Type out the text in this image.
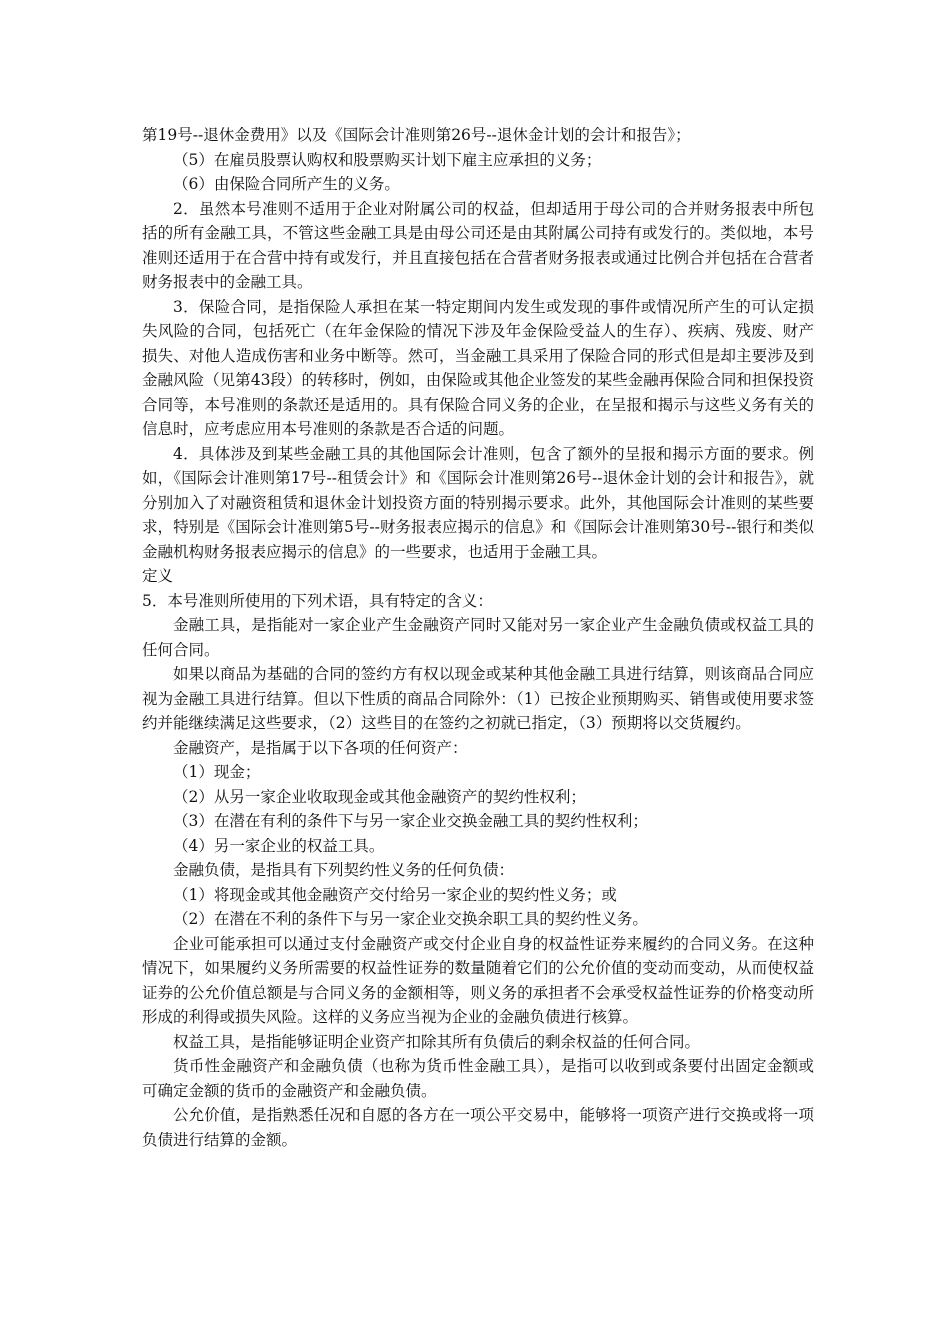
第19号--退休金费用》以及《国际会计准则第26号--退休金计划的会计和报告》；

（5）在雇员股票认购权和股票购买计划下雇主应承担的义务；

（6）由保险合同所产生的义务。

2．虽然本号准则不适用于企业对附属公司的权益，但却适用于母公司的合并财务报表中所包括的所有金融工具，不管这些金融工具是由母公司还是由其附属公司持有或发行的。类似地，本号准则还适用于在合营中持有或发行，并且直接包括在合营者财务报表或通过比例合并包括在合营者财务报表中的金融工具。

3．保险合同，是指保险人承担在某一特定期间内发生或发现的事件或情况所产生的可认定损失风险的合同，包括死亡（在年金保险的情况下涉及年金保险受益人的生存）、疾病、残废、财产损失、对他人造成伤害和业务中断等。然可，当金融工具采用了保险合同的形式但是却主要涉及到金融风险（见第43段）的转移时，例如，由保险或其他企业签发的某些金融再保险合同和担保投资合同等，本号准则的条款还是适用的。具有保险合同义务的企业，在呈报和揭示与这些义务有关的信息时，应考虑应用本号准则的条款是否合适的问题。

4．具体涉及到某些金融工具的其他国际会计准则，包含了额外的呈报和揭示方面的要求。例如，《国际会计准则第17号--租赁会计》和《国际会计准则第26号--退休金计划的会计和报告》，就分别加入了对融资租赁和退休金计划投资方面的特别揭示要求。此外，其他国际会计准则的某些要求，特别是《国际会计准则第5号--财务报表应揭示的信息》和《国际会计准则第30号--银行和类似金融机构财务报表应揭示的信息》的一些要求，也适用于金融工具。

定义

5．本号准则所使用的下列术语，具有特定的含义：

金融工具，是指能对一家企业产生金融资产同时又能对另一家企业产生金融负债或权益工具的任何合同。

如果以商品为基础的合同的签约方有权以现金或某种其他金融工具进行结算，则该商品合同应视为金融工具进行结算。但以下性质的商品合同除外：（1）已按企业预期购买、销售或使用要求签约并能继续满足这些要求，（2）这些目的在签约之初就已指定，（3）预期将以交货履约。

金融资产，是指属于以下各项的任何资产：

（1）现金；

（2）从另一家企业收取现金或其他金融资产的契约性权利；

（3）在潜在有利的条件下与另一家企业交换金融工具的契约性权利；

（4）另一家企业的权益工具。

金融负债，是指具有下列契约性义务的任何负债：

（1）将现金或其他金融资产交付给另一家企业的契约性义务；或

（2）在潜在不利的条件下与另一家企业交换余职工具的契约性义务。

企业可能承担可以通过支付金融资产或交付企业自身的权益性证券来履约的合同义务。在这种情况下，如果履约义务所需要的权益性证券的数量随着它们的公允价值的变动而变动，从而使权益证券的公允价值总额是与合同义务的金额相等，则义务的承担者不会承受权益性证券的价格变动所形成的利得或损失风险。这样的义务应当视为企业的金融负债进行核算。

权益工具，是指能够证明企业资产扣除其所有负债后的剩余权益的任何合同。

货币性金融资产和金融负债（也称为货币性金融工具），是指可以收到或条要付出固定金额或可确定金额的货币的金融资产和金融负债。

公允价值，是指熟悉任况和自愿的各方在一项公平交易中，能够将一项资产进行交换或将一项负债进行结算的金额。
